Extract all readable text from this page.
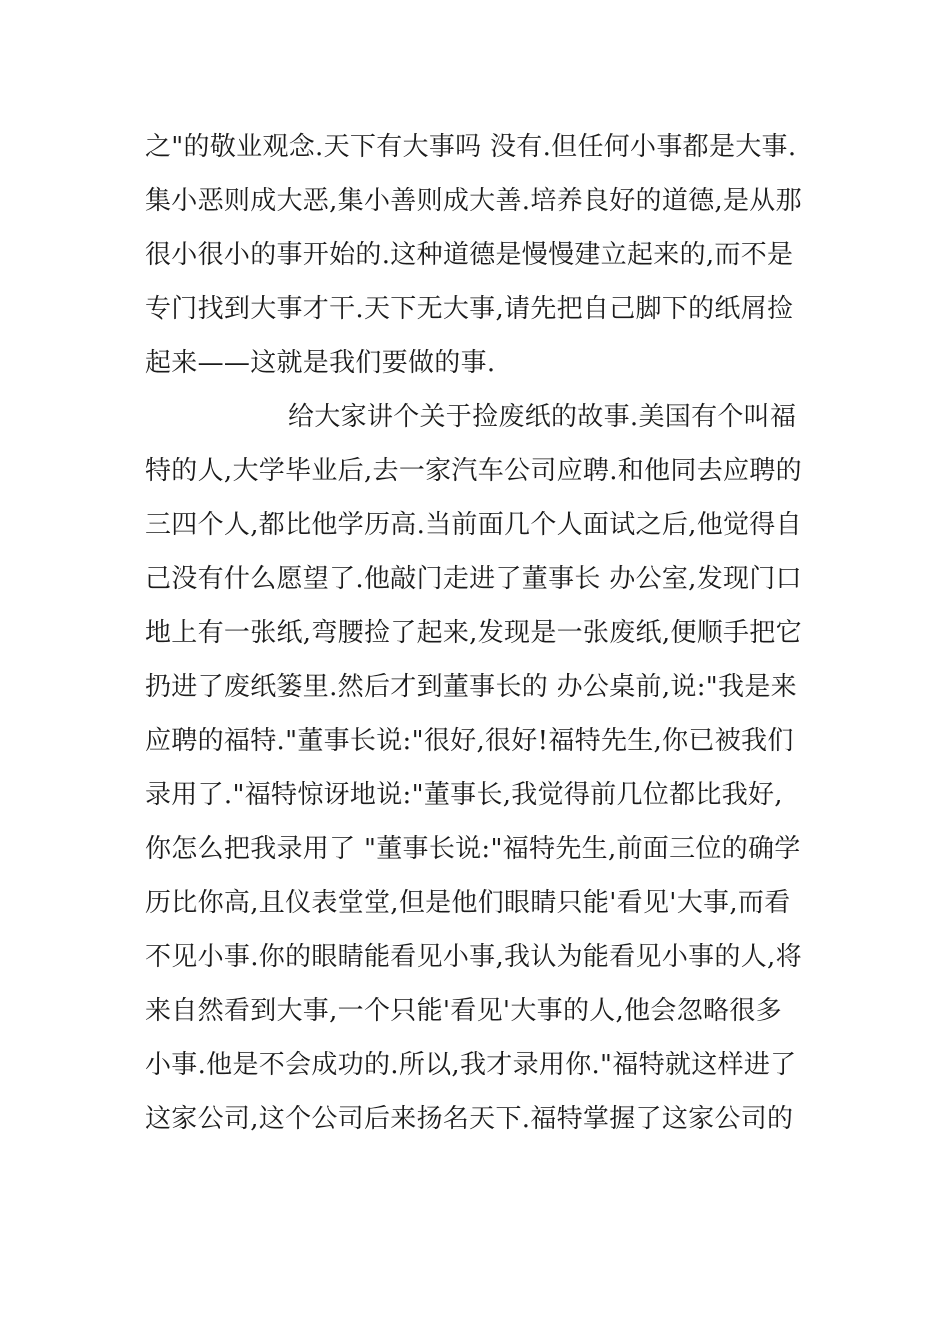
之"的敬业观念.天下有大事吗 没有.但任何小事都是大事.
集小恶则成大恶,集小善则成大善.培养良好的道德,是从那
很小很小的事开始的.这种道德是慢慢建立起来的,而不是
专门找到大事才干.天下无大事,请先把自己脚下的纸屑捡
起来——这就是我们要做的事.
给大家讲个关于捡废纸的故事.美国有个叫福
特的人,大学毕业后,去一家汽车公司应聘.和他同去应聘的
三四个人,都比他学历高.当前面几个人面试之后,他觉得自
己没有什么愿望了.他敲门走进了董事长 办公室,发现门口
地上有一张纸,弯腰捡了起来,发现是一张废纸,便顺手把它
扔进了废纸篓里.然后才到董事长的 办公桌前,说:"我是来
应聘的福特."董事长说:"很好,很好!福特先生,你已被我们
录用了."福特惊讶地说:"董事长,我觉得前几位都比我好,
你怎么把我录用了 "董事长说:"福特先生,前面三位的确学
历比你高,且仪表堂堂,但是他们眼睛只能'看见'大事,而看
不见小事.你的眼睛能看见小事,我认为能看见小事的人,将
来自然看到大事,一个只能'看见'大事的人,他会忽略很多
小事.他是不会成功的.所以,我才录用你."福特就这样进了
这家公司,这个公司后来扬名天下.福特掌握了这家公司的
